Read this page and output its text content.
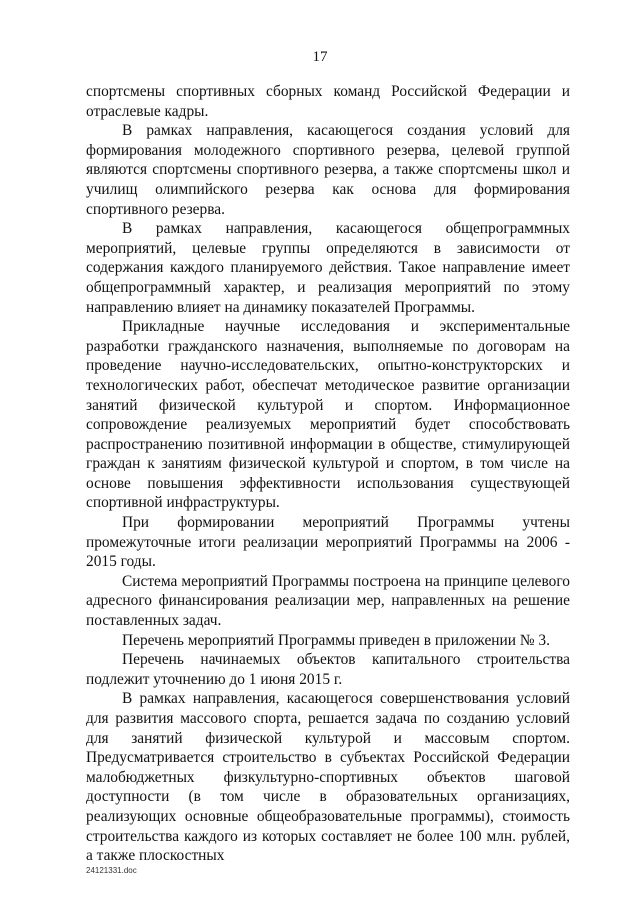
17

спортсмены спортивных сборных команд Российской Федерации и отраслевые кадры.

В рамках направления, касающегося создания условий для формирования молодежного спортивного резерва, целевой группой являются спортсмены спортивного резерва, а также спортсмены школ и училищ олимпийского резерва как основа для формирования спортивного резерва.

В рамках направления, касающегося общепрограммных мероприятий, целевые группы определяются в зависимости от содержания каждого планируемого действия. Такое направление имеет общепрограммный характер, и реализация мероприятий по этому направлению влияет на динамику показателей Программы.

Прикладные научные исследования и экспериментальные разработки гражданского назначения, выполняемые по договорам на проведение научно-исследовательских, опытно-конструкторских и технологических работ, обеспечат методическое развитие организации занятий физической культурой и спортом. Информационное сопровождение реализуемых мероприятий будет способствовать распространению позитивной информации в обществе, стимулирующей граждан к занятиям физической культурой и спортом, в том числе на основе повышения эффективности использования существующей спортивной инфраструктуры.

При формировании мероприятий Программы учтены промежуточные итоги реализации мероприятий Программы на 2006 - 2015 годы.

Система мероприятий Программы построена на принципе целевого адресного финансирования реализации мер, направленных на решение поставленных задач.

Перечень мероприятий Программы приведен в приложении № 3.

Перечень начинаемых объектов капитального строительства подлежит уточнению до 1 июня 2015 г.

В рамках направления, касающегося совершенствования условий для развития массового спорта, решается задача по созданию условий для занятий физической культурой и массовым спортом. Предусматривается строительство в субъектах Российской Федерации малобюджетных физкультурно-спортивных объектов шаговой доступности (в том числе в образовательных организациях, реализующих основные общеобразовательные программы), стоимость строительства каждого из которых составляет не более 100 млн. рублей, а также плоскостных

24121331.doc
